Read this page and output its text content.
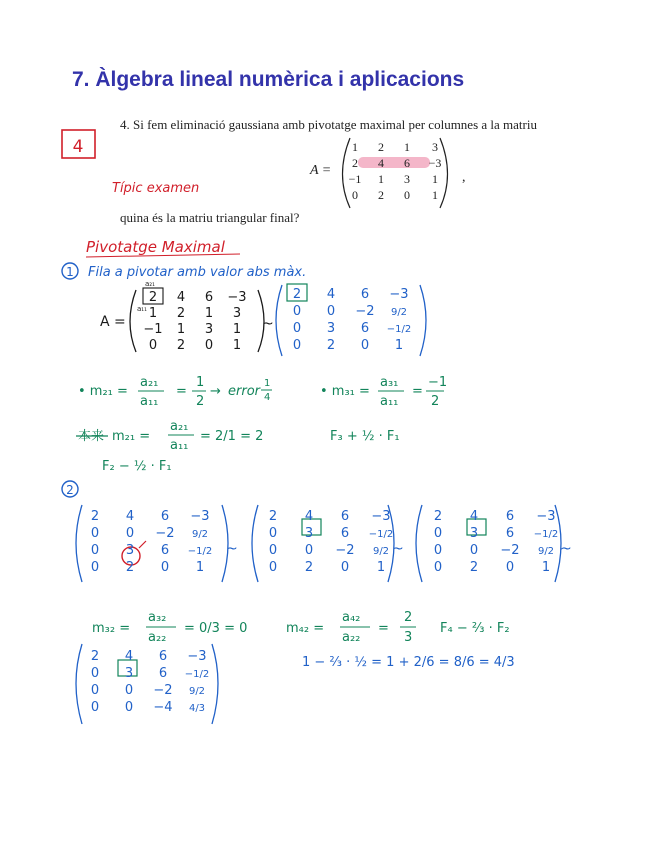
7. Àlgebra lineal numèrica i aplicacions
4. Si fem eliminació gaussiana amb pivotatge maximal per columnes a la matriu
A =
1	2	1	3
2	4	6	−3
−1	1	3	1
0	2	0	1
,
quina és la matriu triangular final?
4
Típic examen
Pivotatge Maximal
1 Fila a pivotar amb valor abs màx.
A =
a₂₁
a₁₁
2 4 6 −3
1 2 1 3
−1 1 3 1
0 2 0 1
~
2 4 6 −3
0 0 −2 9/2
0 3 6 −1/2
0 2 0 1
• m₂₁ =
a₂₁
a₁₁
=
1
2
→ error
1
4	• m₃₁ =
a₃₁
a₁₁
=
−1
2
本来 m₂₁ =
a₂₁
a₁₁
= 2/1 = 2	F₃ + ½ · F₁
F₂ − ½ · F₁
2
2 4 6 −3
0 0 −2 9/2
0 3 6 −1/2
0 2 0 1
~
2 4 6 −3
0 3 6 −1/2
0 0 −2 9/2
0 2 0 1
~
2 4 6 −3
0 3 6 −1/2
0 0 −2 9/2
0 2 0 1
~
m₃₂ =
a₃₂
a₂₂
= 0/3 = 0	m₄₂ =
a₄₂
a₂₂
=
2
3
F₄ − ⅔ · F₂
1 − ⅔ · ½ = 1 + 2/6 = 8/6 = 4/3
2 4 6 −3
0 3 6 −1/2
0 0 −2 9/2
0 0 −4 4/3
